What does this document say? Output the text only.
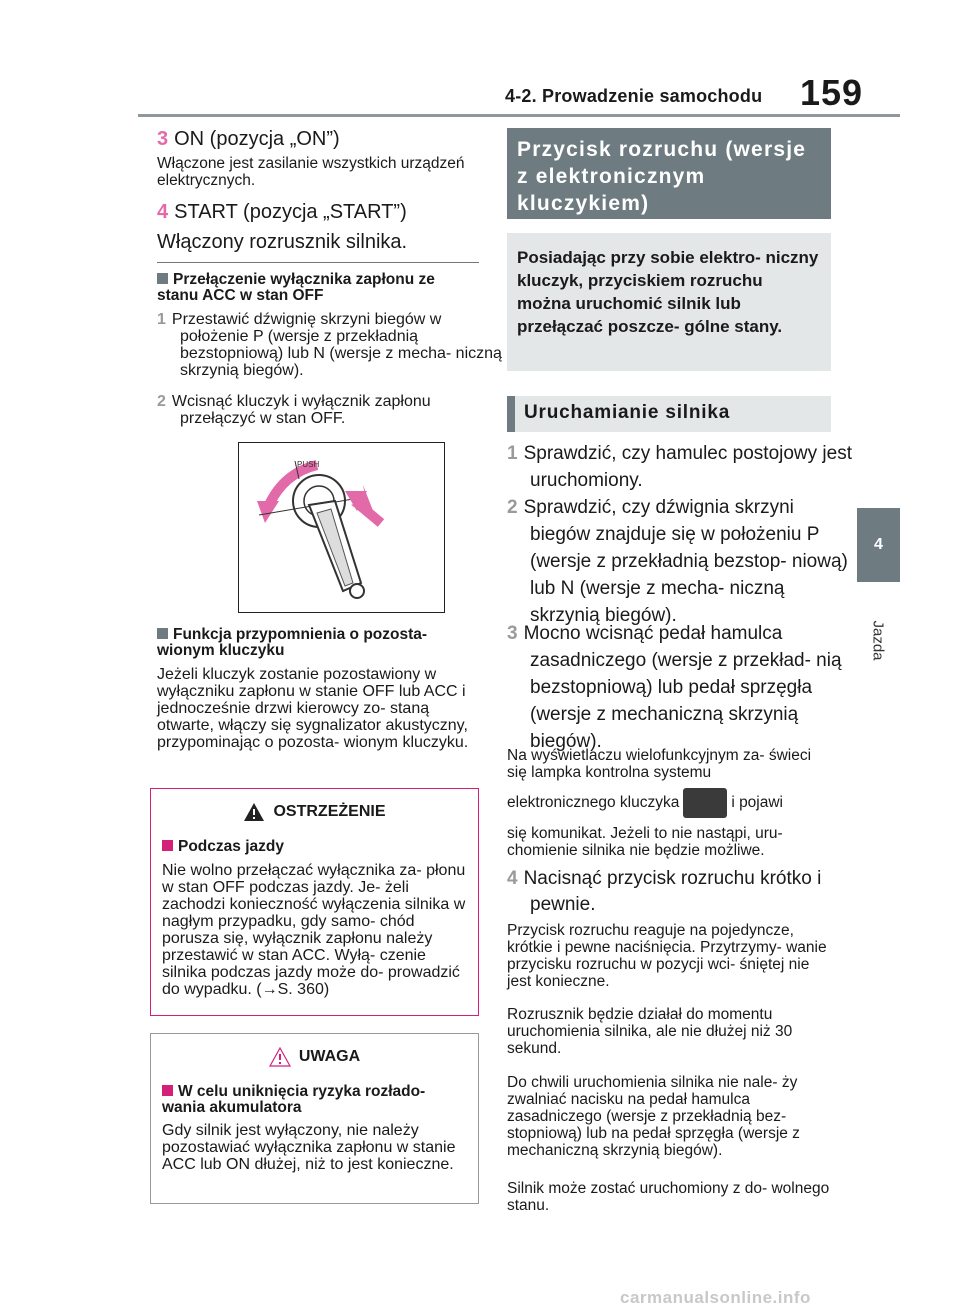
4-2. Prowadzenie samochodu 159
4
Jazda
3 ON (pozycja „ON”)
Włączone jest zasilanie wszystkich urządzeń elektrycznych.
4 START (pozycja „START”)
Włączony rozrusznik silnika.
Przełączenie wyłącznika zapłonu ze stanu ACC w stan OFF
1 Przestawić dźwignię skrzyni biegów w położenie P (wersje z przekładnią bezstopniową) lub N (wersje z mecha- niczną skrzynią biegów).
2 Wcisnąć kluczyk i wyłącznik zapłonu przełączyć w stan OFF.
PUSH
Funkcja przypomnienia o pozosta- wionym kluczyku
Jeżeli kluczyk zostanie pozostawiony w wyłączniku zapłonu w stanie OFF lub ACC i jednocześnie drzwi kierowcy zo- staną otwarte, włączy się sygnalizator akustyczny, przypominając o pozosta- wionym kluczyku.
OSTRZEŻENIE
Podczas jazdy
Nie wolno przełączać wyłącznika za- płonu w stan OFF podczas jazdy. Je- żeli zachodzi konieczność wyłączenia silnika w nagłym przypadku, gdy samo- chód porusza się, wyłącznik zapłonu należy przestawić w stan ACC. Wyłą- czenie silnika podczas jazdy może do- prowadzić do wypadku. (→S. 360)
UWAGA
W celu uniknięcia ryzyka rozłado- wania akumulatora
Gdy silnik jest wyłączony, nie należy pozostawiać wyłącznika zapłonu w stanie ACC lub ON dłużej, niż to jest konieczne.
Przycisk rozruchu (wersje z elektronicznym kluczykiem)
Posiadając przy sobie elektro- niczny kluczyk, przyciskiem rozruchu można uruchomić silnik lub przełączać poszcze- gólne stany.
Uruchamianie silnika
1 Sprawdzić, czy hamulec postojowy jest uruchomiony.
2 Sprawdzić, czy dźwignia skrzyni biegów znajduje się w położeniu P (wersje z przekładnią bezstop- niową) lub N (wersje z mecha- niczną skrzynią biegów).
3 Mocno wcisnąć pedał hamulca zasadniczego (wersje z przekład- nią bezstopniową) lub pedał sprzęgła (wersje z mechaniczną skrzynią biegów).
Na wyświetlaczu wielofunkcyjnym za- świeci się lampka kontrolna systemu
elektronicznego kluczyka	i pojawi
się komunikat. Jeżeli to nie nastąpi, uru- chomienie silnika nie będzie możliwe.
4 Nacisnąć przycisk rozruchu krótko i pewnie.
Przycisk rozruchu reaguje na pojedyncze, krótkie i pewne naciśnięcia. Przytrzymy- wanie przycisku rozruchu w pozycji wci- śniętej nie jest konieczne.
Rozrusznik będzie działał do momentu uruchomienia silnika, ale nie dłużej niż 30 sekund.
Do chwili uruchomienia silnika nie nale- ży zwalniać nacisku na pedał hamulca zasadniczego (wersje z przekładnią bez- stopniową) lub na pedał sprzęgła (wersje z mechaniczną skrzynią biegów).
Silnik może zostać uruchomiony z do- wolnego stanu.
carmanualsonline.info
